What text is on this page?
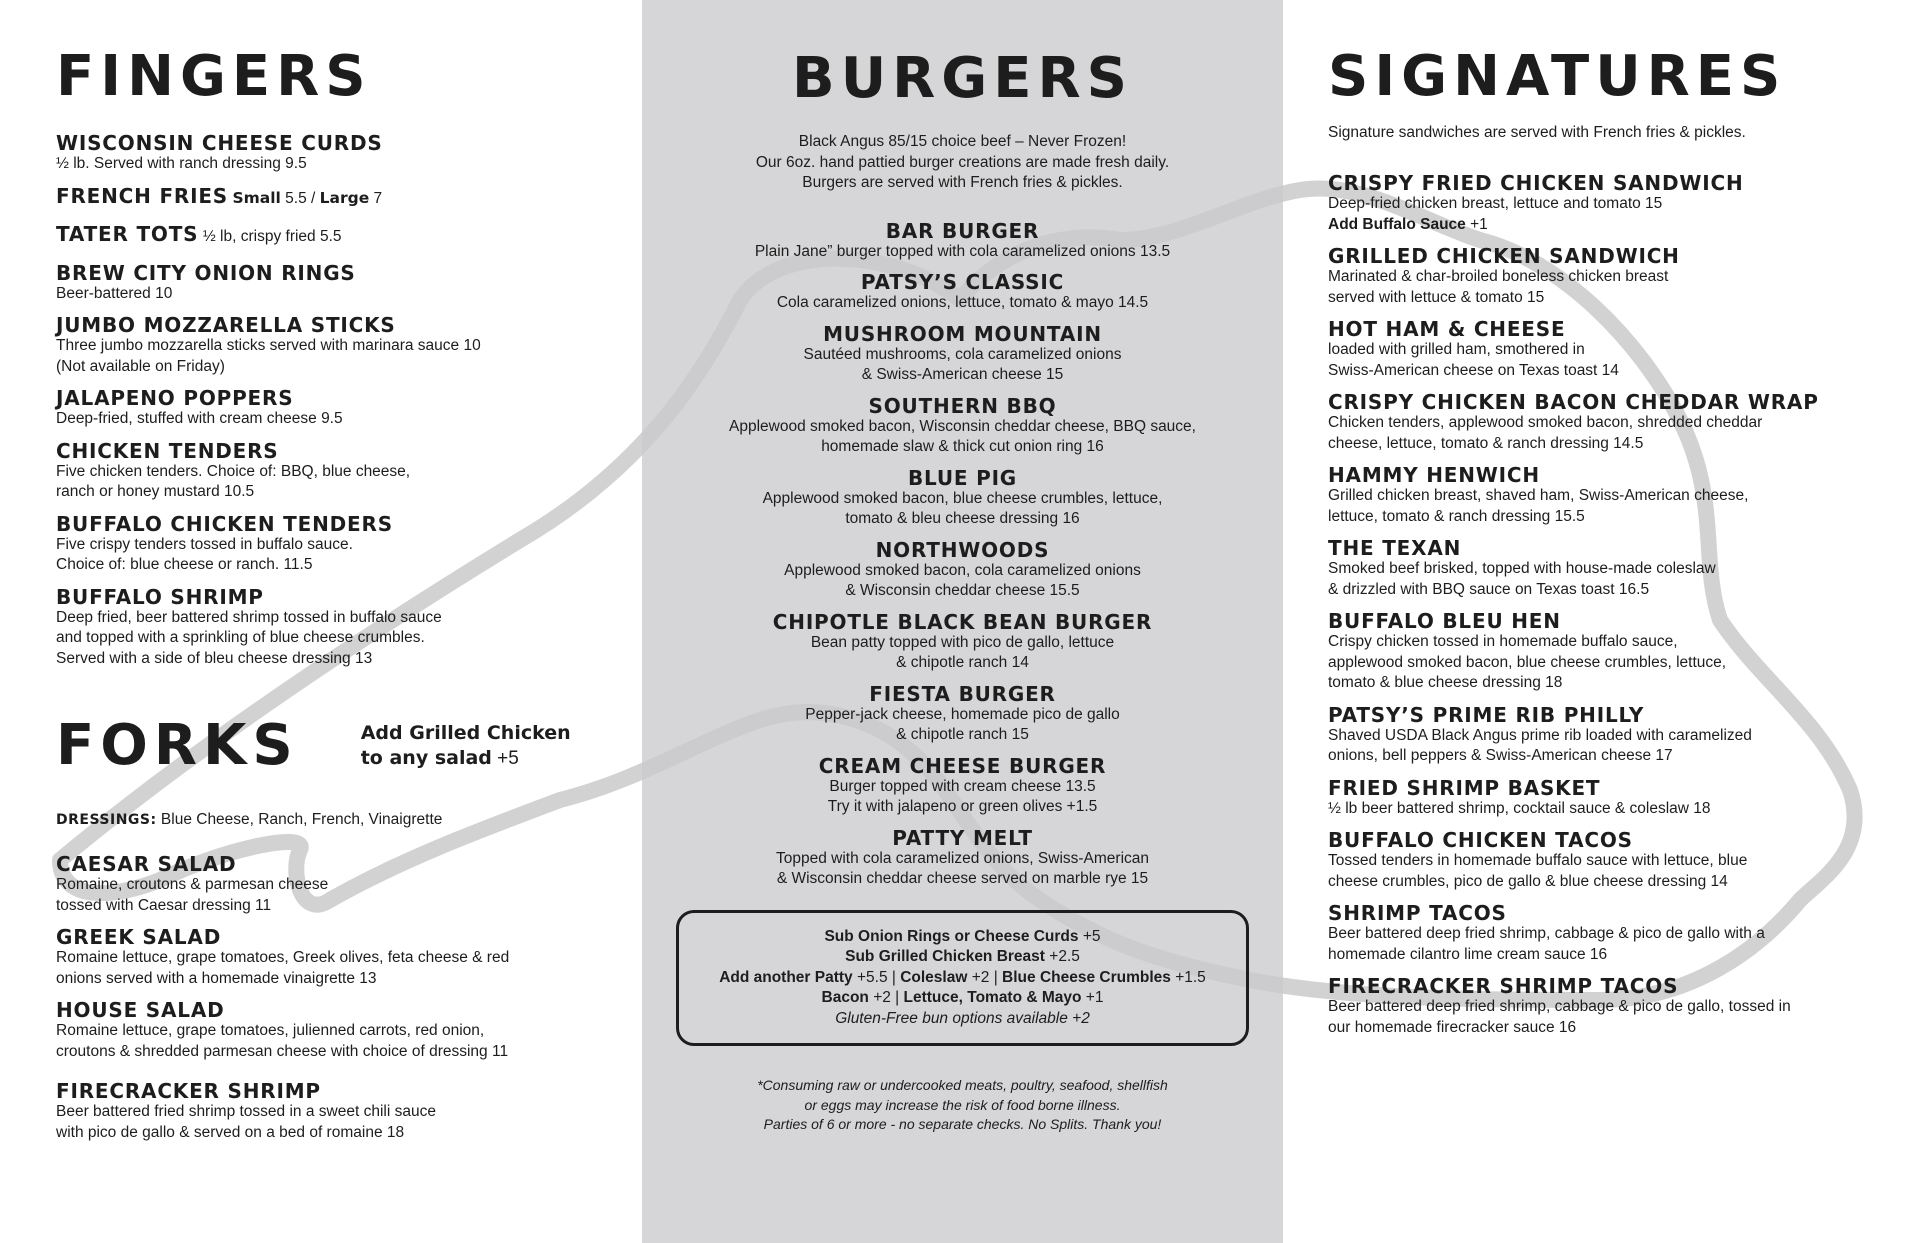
FINGERS
WISCONSIN CHEESE CURDS
½ lb. Served with ranch dressing 9.5
FRENCH FRIES Small 5.5 / Large 7
TATER TOTS ½ lb, crispy fried 5.5
BREW CITY ONION RINGS
Beer-battered 10
JUMBO MOZZARELLA STICKS
Three jumbo mozzarella sticks served with marinara sauce 10
(Not available on Friday)
JALAPENO POPPERS
Deep-fried, stuffed with cream cheese 9.5
CHICKEN TENDERS
Five chicken tenders. Choice of: BBQ, blue cheese,
ranch or honey mustard 10.5
BUFFALO CHICKEN TENDERS
Five crispy tenders tossed in buffalo sauce.
Choice of: blue cheese or ranch. 11.5
BUFFALO SHRIMP
Deep fried, beer battered shrimp tossed in buffalo sauce
and topped with a sprinkling of blue cheese crumbles.
Served with a side of bleu cheese dressing 13
FORKS	Add Grilled Chicken
to any salad +5
DRESSINGS: Blue Cheese, Ranch, French, Vinaigrette
CAESAR SALAD
Romaine, croutons & parmesan cheese
tossed with Caesar dressing 11
GREEK SALAD
Romaine lettuce, grape tomatoes, Greek olives, feta cheese & red
onions served with a homemade vinaigrette 13
HOUSE SALAD
Romaine lettuce, grape tomatoes, julienned carrots, red onion,
croutons & shredded parmesan cheese with choice of dressing 11
FIRECRACKER SHRIMP
Beer battered fried shrimp tossed in a sweet chili sauce
with pico de gallo & served on a bed of romaine 18
BURGERS
Black Angus 85/15 choice beef – Never Frozen!
Our 6oz. hand pattied burger creations are made fresh daily.
Burgers are served with French fries & pickles.
BAR BURGER
Plain Jane” burger topped with cola caramelized onions 13.5
PATSY’S CLASSIC
Cola caramelized onions, lettuce, tomato & mayo 14.5
MUSHROOM MOUNTAIN
Sautéed mushrooms, cola caramelized onions
& Swiss-American cheese 15
SOUTHERN BBQ
Applewood smoked bacon, Wisconsin cheddar cheese, BBQ sauce,
homemade slaw & thick cut onion ring 16
BLUE PIG
Applewood smoked bacon, blue cheese crumbles, lettuce,
tomato & bleu cheese dressing 16
NORTHWOODS
Applewood smoked bacon, cola caramelized onions
& Wisconsin cheddar cheese 15.5
CHIPOTLE BLACK BEAN BURGER
Bean patty topped with pico de gallo, lettuce
& chipotle ranch 14
FIESTA BURGER
Pepper-jack cheese, homemade pico de gallo
& chipotle ranch 15
CREAM CHEESE BURGER
Burger topped with cream cheese 13.5
Try it with jalapeno or green olives +1.5
PATTY MELT
Topped with cola caramelized onions, Swiss-American
& Wisconsin cheddar cheese served on marble rye 15
Sub Onion Rings or Cheese Curds +5
Sub Grilled Chicken Breast +2.5
Add another Patty +5.5 | Coleslaw +2 | Blue Cheese Crumbles +1.5
Bacon +2 | Lettuce, Tomato & Mayo +1
Gluten-Free bun options available +2
*Consuming raw or undercooked meats, poultry, seafood, shellfish
or eggs may increase the risk of food borne illness.
Parties of 6 or more - no separate checks. No Splits. Thank you!
SIGNATURES
Signature sandwiches are served with French fries & pickles.
CRISPY FRIED CHICKEN SANDWICH
Deep-fried chicken breast, lettuce and tomato 15
Add Buffalo Sauce +1
GRILLED CHICKEN SANDWICH
Marinated & char-broiled boneless chicken breast
served with lettuce & tomato 15
HOT HAM & CHEESE
loaded with grilled ham, smothered in
Swiss-American cheese on Texas toast 14
CRISPY CHICKEN BACON CHEDDAR WRAP
Chicken tenders, applewood smoked bacon, shredded cheddar
cheese, lettuce, tomato & ranch dressing 14.5
HAMMY HENWICH
Grilled chicken breast, shaved ham, Swiss-American cheese,
lettuce, tomato & ranch dressing 15.5
THE TEXAN
Smoked beef brisked, topped with house-made coleslaw
& drizzled with BBQ sauce on Texas toast 16.5
BUFFALO BLEU HEN
Crispy chicken tossed in homemade buffalo sauce,
applewood smoked bacon, blue cheese crumbles, lettuce,
tomato & blue cheese dressing 18
PATSY’S PRIME RIB PHILLY
Shaved USDA Black Angus prime rib loaded with caramelized
onions, bell peppers & Swiss-American cheese 17
FRIED SHRIMP BASKET
½ lb beer battered shrimp, cocktail sauce & coleslaw 18
BUFFALO CHICKEN TACOS
Tossed tenders in homemade buffalo sauce with lettuce, blue
cheese crumbles, pico de gallo & blue cheese dressing 14
SHRIMP TACOS
Beer battered deep fried shrimp, cabbage & pico de gallo with a
homemade cilantro lime cream sauce 16
FIRECRACKER SHRIMP TACOS
Beer battered deep fried shrimp, cabbage & pico de gallo, tossed in
our homemade firecracker sauce 16
